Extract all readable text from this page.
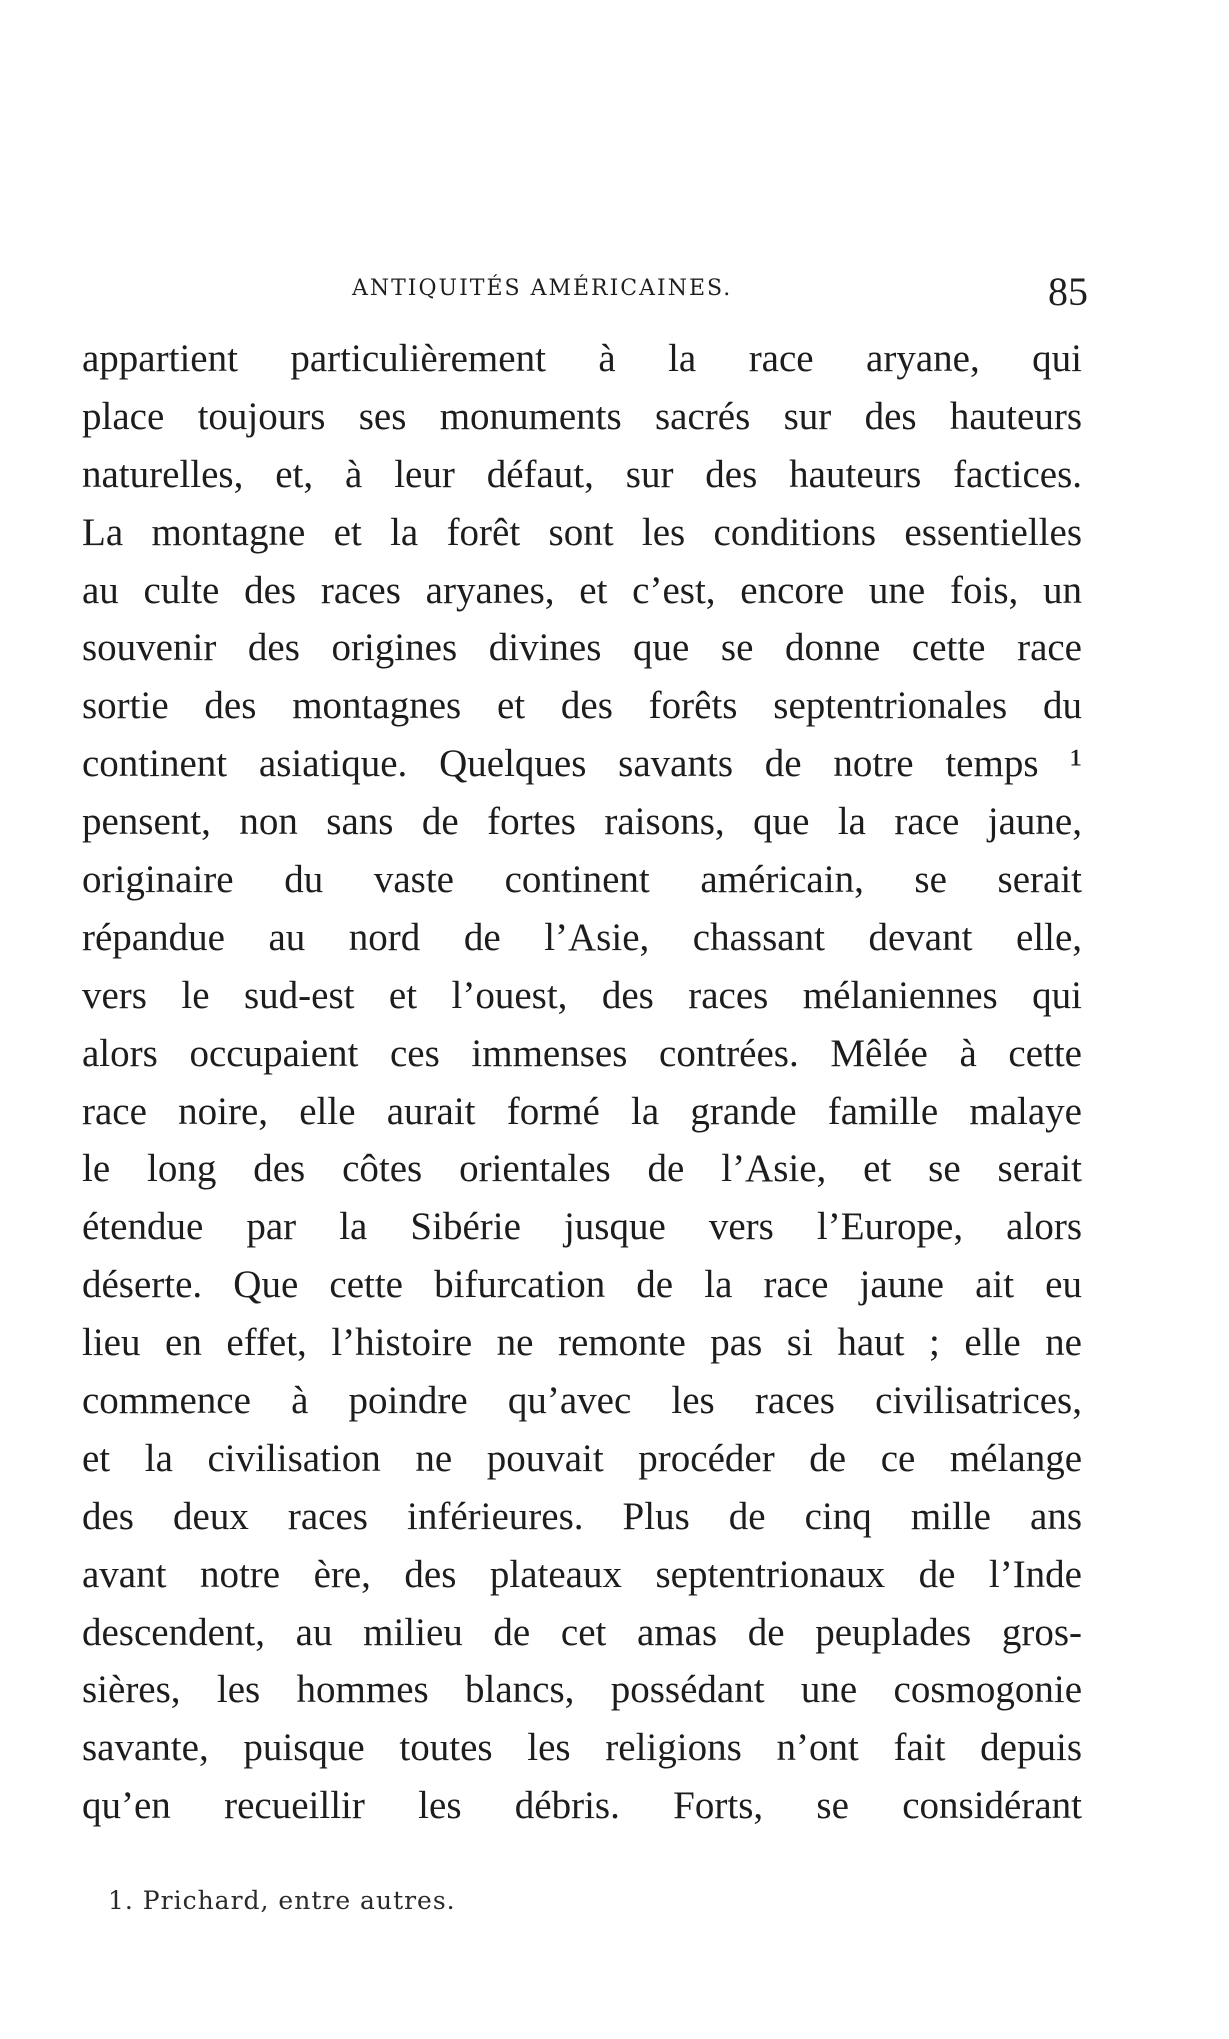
ANTIQUITÉS AMÉRICAINES.	85
appartient particulièrement à la race aryane, qui
place toujours ses monuments sacrés sur des hauteurs
naturelles, et, à leur défaut, sur des hauteurs factices.
La montagne et la forêt sont les conditions essentielles
au culte des races aryanes, et c’est, encore une fois, un
souvenir des origines divines que se donne cette race
sortie des montagnes et des forêts septentrionales du
continent asiatique. Quelques savants de notre temps ¹
pensent, non sans de fortes raisons, que la race jaune,
originaire du vaste continent américain, se serait
répandue au nord de l’Asie, chassant devant elle,
vers le sud-est et l’ouest, des races mélaniennes qui
alors occupaient ces immenses contrées. Mêlée à cette
race noire, elle aurait formé la grande famille malaye
le long des côtes orientales de l’Asie, et se serait
étendue par la Sibérie jusque vers l’Europe, alors
déserte. Que cette bifurcation de la race jaune ait eu
lieu en effet, l’histoire ne remonte pas si haut ; elle ne
commence à poindre qu’avec les races civilisatrices,
et la civilisation ne pouvait procéder de ce mélange
des deux races inférieures. Plus de cinq mille ans
avant notre ère, des plateaux septentrionaux de l’Inde
descendent, au milieu de cet amas de peuplades gros-
sières, les hommes blancs, possédant une cosmogonie
savante, puisque toutes les religions n’ont fait depuis
qu’en recueillir les débris. Forts, se considérant
1. Prichard, entre autres.
